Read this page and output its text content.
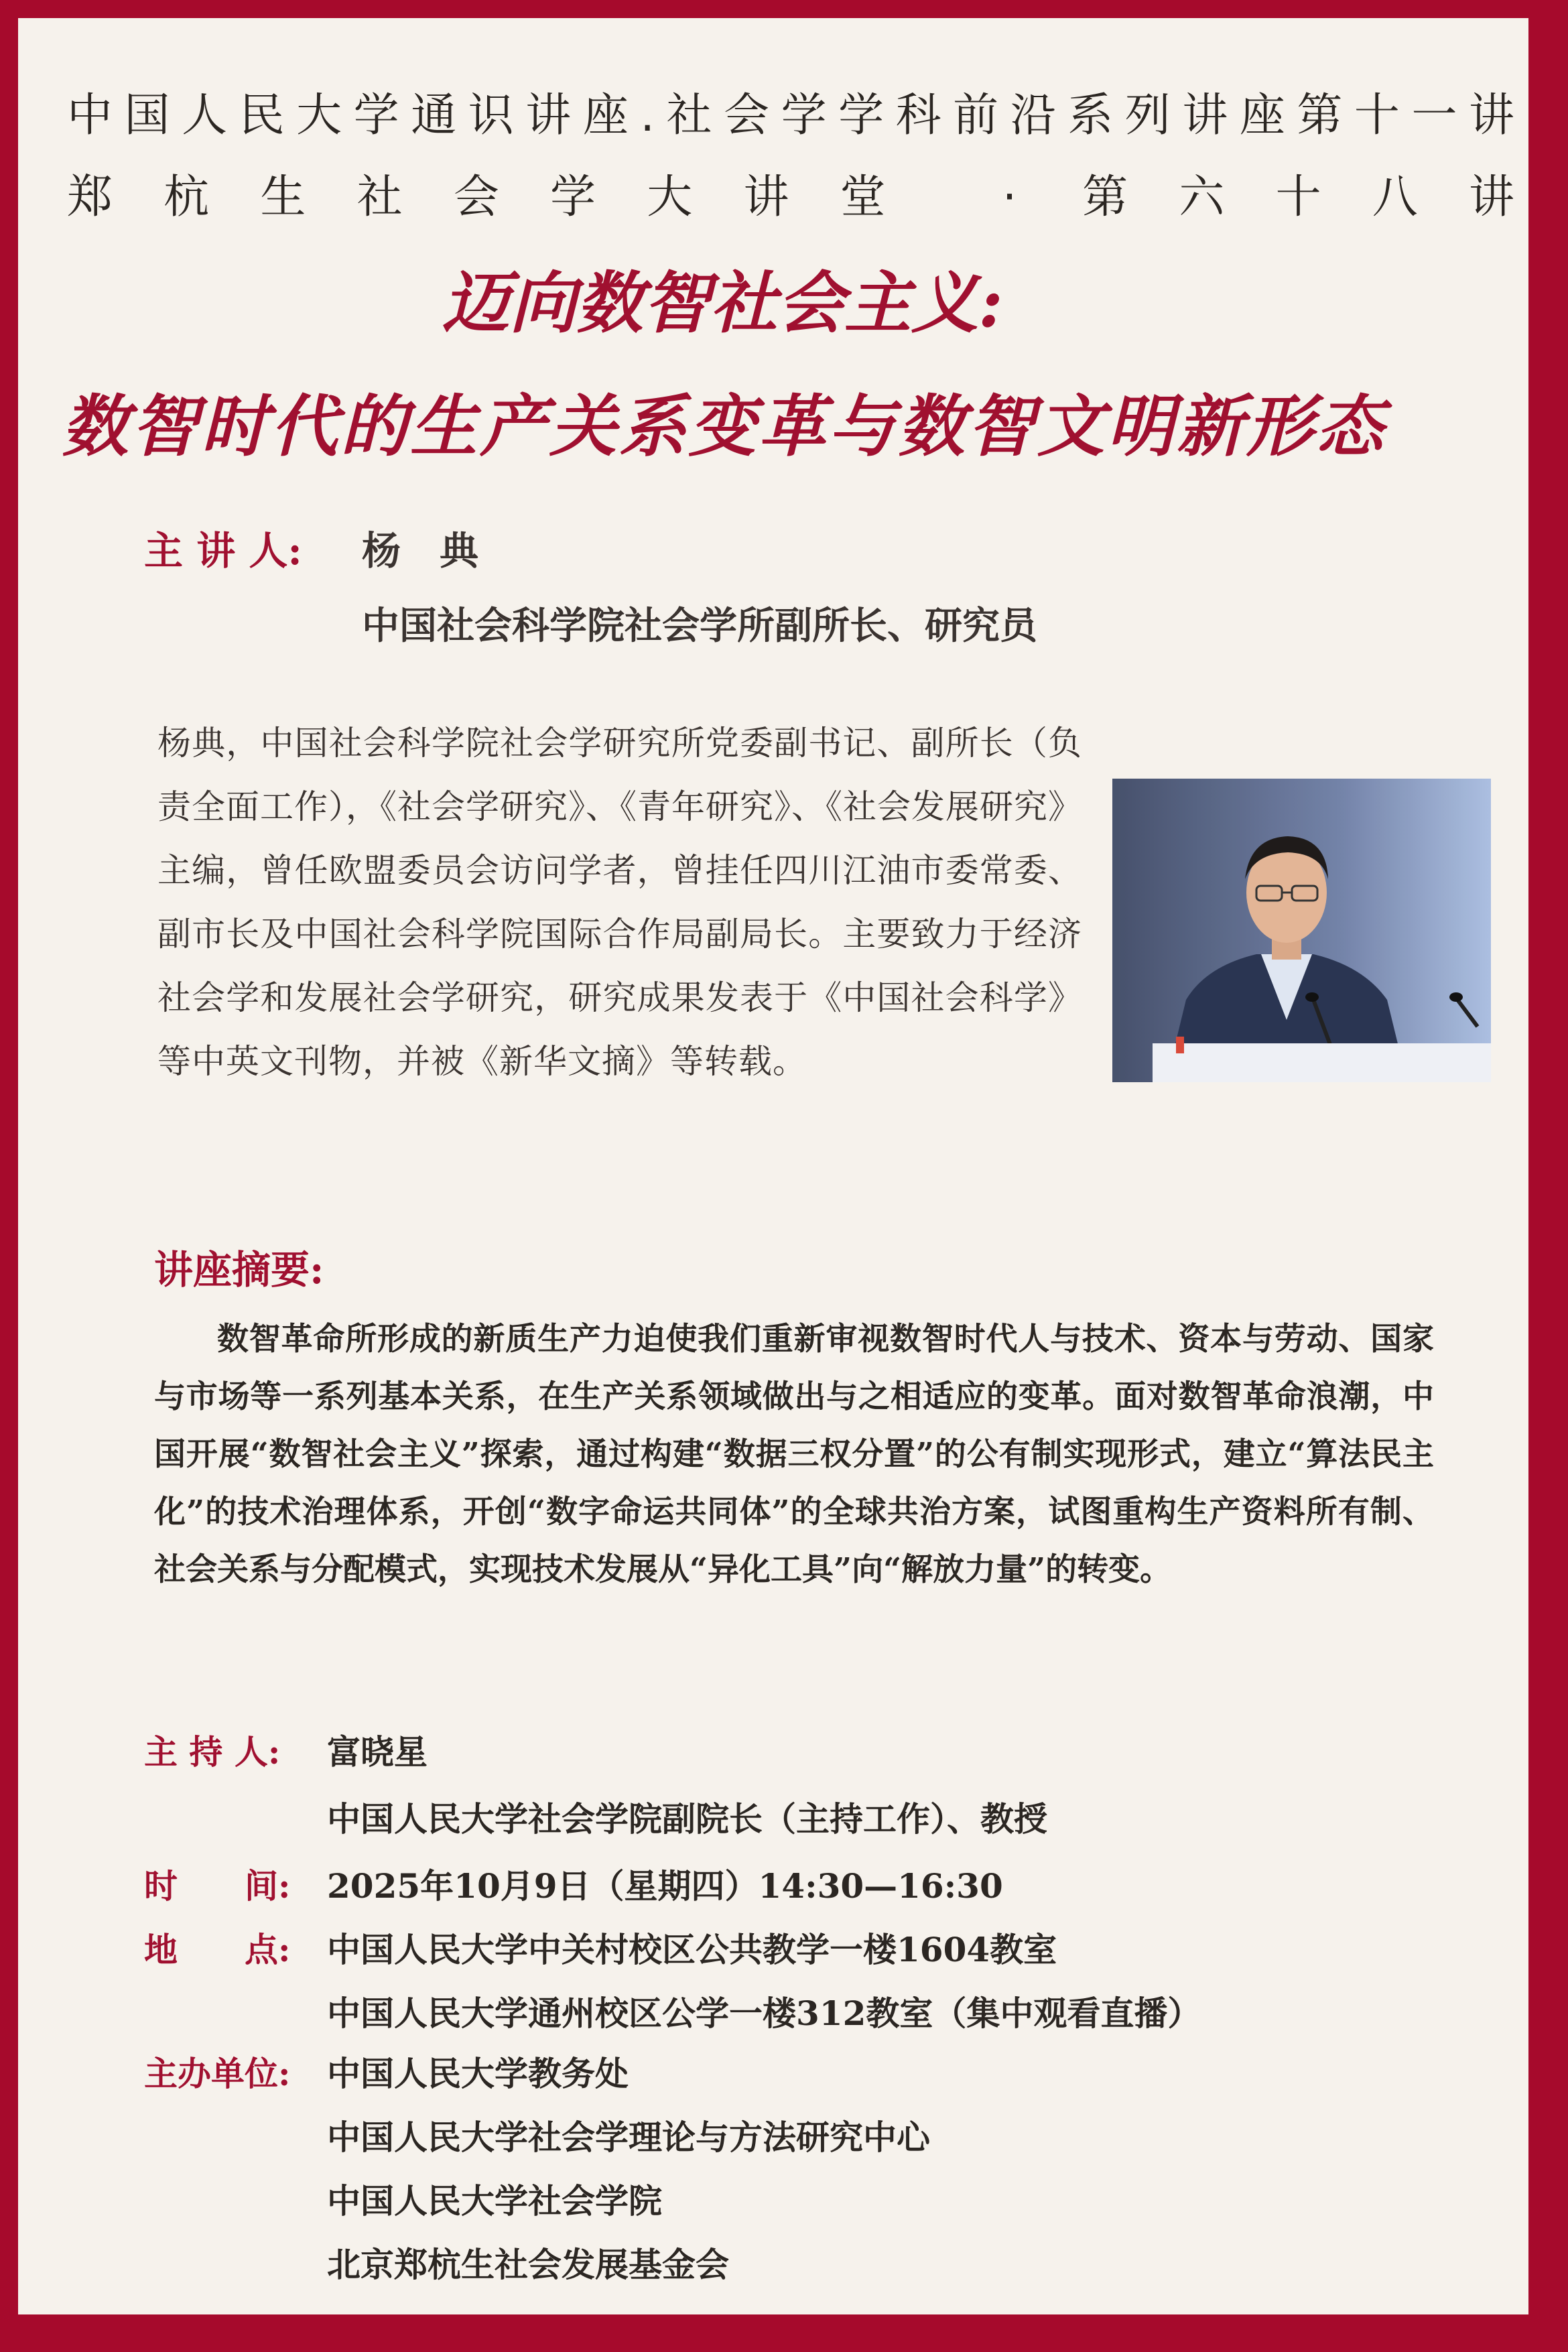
中国人民大学通识讲座.社会学学科前沿系列讲座第十一讲
郑杭生社会学大讲堂 · 第六十八讲
迈向数智社会主义:
数智时代的生产关系变革与数智文明新形态
主 讲 人: 杨　典
中国社会科学院社会学所副所长、研究员
杨典，中国社会科学院社会学研究所党委副书记、副所长（负责全面工作），《社会学研究》、《青年研究》、《社会发展研究》主编，曾任欧盟委员会访问学者，曾挂任四川江油市委常委、副市长及中国社会科学院国际合作局副局长。主要致力于经济社会学和发展社会学研究，研究成果发表于《中国社会科学》等中英文刊物，并被《新华文摘》等转载。
讲座摘要:
数智革命所形成的新质生产力迫使我们重新审视数智时代人与技术、资本与劳动、国家与市场等一系列基本关系，在生产关系领域做出与之相适应的变革。面对数智革命浪潮，中国开展“数智社会主义”探索，通过构建“数据三权分置”的公有制实现形式，建立“算法民主化”的技术治理体系，开创“数字命运共同体”的全球共治方案，试图重构生产资料所有制、社会关系与分配模式，实现技术发展从“异化工具”向“解放力量”的转变。
主 持 人: 富晓星
中国人民大学社会学院副院长（主持工作）、教授
时　　间: 2025年10月9日（星期四）14:30—16:30
地　　点: 中国人民大学中关村校区公共教学一楼1604教室
中国人民大学通州校区公学一楼312教室（集中观看直播）
主办单位: 中国人民大学教务处
中国人民大学社会学理论与方法研究中心
中国人民大学社会学院
北京郑杭生社会发展基金会
